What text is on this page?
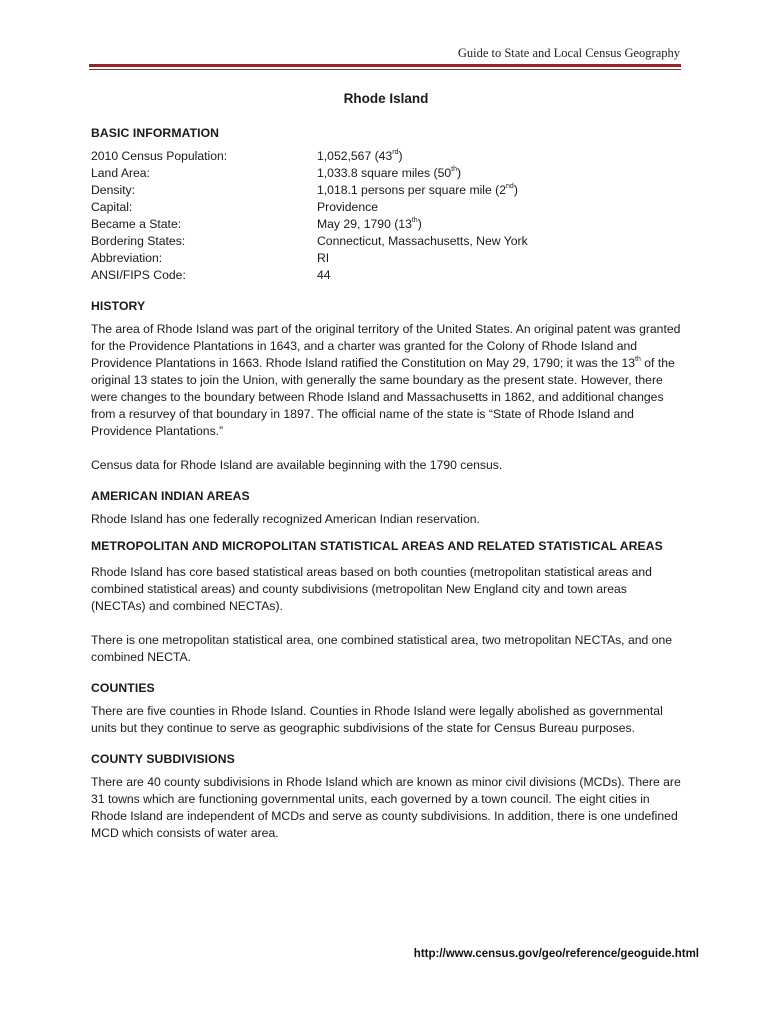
Guide to State and Local Census Geography
Rhode Island
BASIC INFORMATION
2010 Census Population:	1,052,567 (43rd)
Land Area:	1,033.8 square miles (50th)
Density:	1,018.1 persons per square mile (2nd)
Capital:	Providence
Became a State:	May 29, 1790 (13th)
Bordering States:	Connecticut, Massachusetts, New York
Abbreviation:	RI
ANSI/FIPS Code:	44
HISTORY

The area of Rhode Island was part of the original territory of the United States. An original patent was granted for the Providence Plantations in 1643, and a charter was granted for the Colony of Rhode Island and Providence Plantations in 1663. Rhode Island ratified the Constitution on May 29, 1790; it was the 13th of the original 13 states to join the Union, with generally the same boundary as the present state. However, there were changes to the boundary between Rhode Island and Massachusetts in 1862, and additional changes from a resurvey of that boundary in 1897. The official name of the state is “State of Rhode Island and Providence Plantations.”

Census data for Rhode Island are available beginning with the 1790 census.

AMERICAN INDIAN AREAS

Rhode Island has one federally recognized American Indian reservation.

METROPOLITAN AND MICROPOLITAN STATISTICAL AREAS AND RELATED STATISTICAL AREAS

Rhode Island has core based statistical areas based on both counties (metropolitan statistical areas and combined statistical areas) and county subdivisions (metropolitan New England city and town areas (NECTAs) and combined NECTAs).

There is one metropolitan statistical area, one combined statistical area, two metropolitan NECTAs, and one combined NECTA.

COUNTIES

There are five counties in Rhode Island. Counties in Rhode Island were legally abolished as governmental units but they continue to serve as geographic subdivisions of the state for Census Bureau purposes.

COUNTY SUBDIVISIONS

There are 40 county subdivisions in Rhode Island which are known as minor civil divisions (MCDs). There are 31 towns which are functioning governmental units, each governed by a town council. The eight cities in Rhode Island are independent of MCDs and serve as county subdivisions. In addition, there is one undefined MCD which consists of water area.

http://www.census.gov/geo/reference/geoguide.html
